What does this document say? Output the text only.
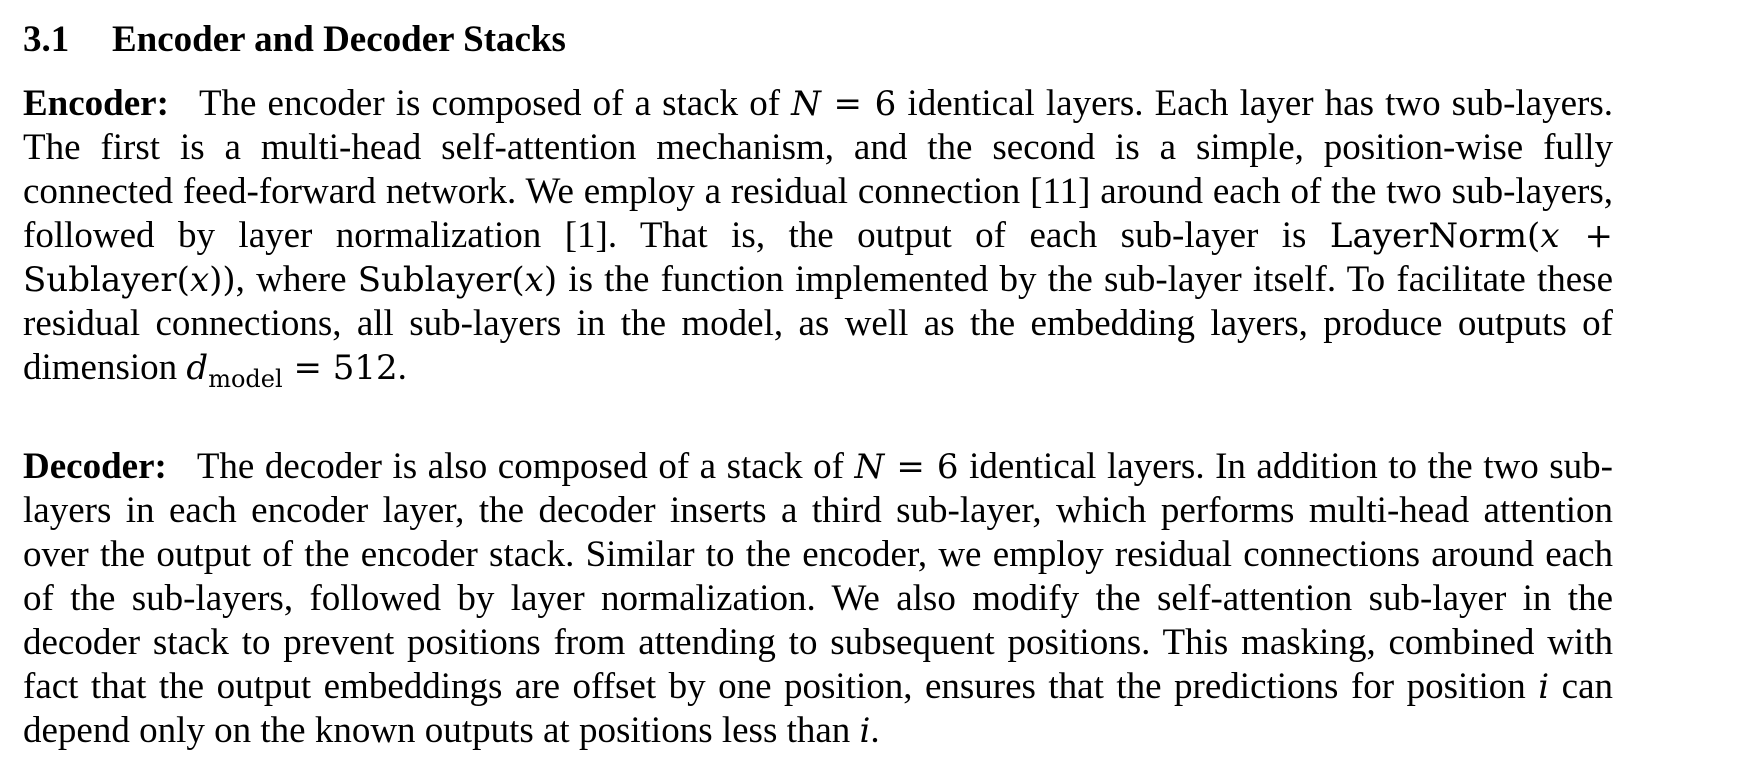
3.1 Encoder and Decoder Stacks

Encoder: The encoder is composed of a stack of N = 6 identical layers. Each layer has two sub-layers. The first is a multi-head self-attention mechanism, and the second is a simple, position-wise fully connected feed-forward network. We employ a residual connection [11] around each of the two sub-layers, followed by layer normalization [1]. That is, the output of each sub-layer is LayerNorm(x + Sublayer(x)), where Sublayer(x) is the function implemented by the sub-layer itself. To facilitate these residual connections, all sub-layers in the model, as well as the embedding layers, produce outputs of dimension $d_{model} = 512$.

Decoder: The decoder is also composed of a stack of N = 6 identical layers. In addition to the two sub-layers in each encoder layer, the decoder inserts a third sub-layer, which performs multi-head attention over the output of the encoder stack. Similar to the encoder, we employ residual connections around each of the sub-layers, followed by layer normalization. We also modify the self-attention sub-layer in the decoder stack to prevent positions from attending to subsequent positions. This masking, combined with fact that the output embeddings are offset by one position, ensures that the predictions for position i can depend only on the known outputs at positions less than i.
